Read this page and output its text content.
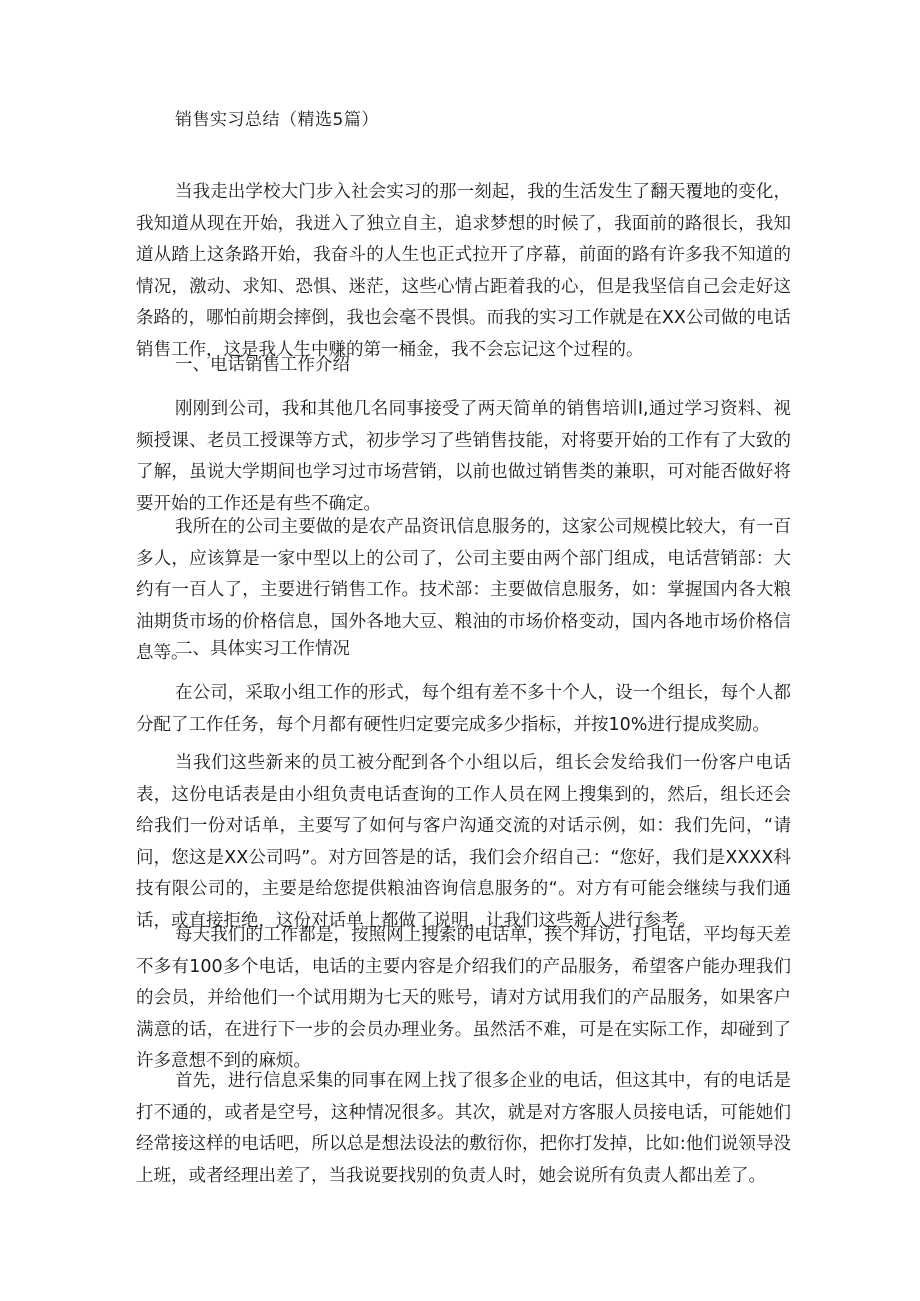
销售实习总结（精选5篇）

当我走出学校大门步入社会实习的那一刻起，我的生活发生了翻天覆地的变化，我知道从现在开始，我迸入了独立自主，追求梦想的时候了，我面前的路很长，我知道从踏上这条路开始，我奋斗的人生也正式拉开了序幕，前面的路有许多我不知道的情况，激动、求知、恐惧、迷茫，这些心情占距着我的心，但是我坚信自己会走好这条路的，哪怕前期会摔倒，我也会毫不畏惧。而我的实习工作就是在XX公司做的电话销售工作，这是我人生中赚的第一桶金，我不会忘记这个过程的。

一、电话销售工作介绍

刚刚到公司，我和其他几名同事接受了两天简单的销售培训I,通过学习资料、视频授课、老员工授课等方式，初步学习了些销售技能，对将要开始的工作有了大致的了解，虽说大学期间也学习过市场营销，以前也做过销售类的兼职，可对能否做好将要开始的工作还是有些不确定。

我所在的公司主要做的是农产品资讯信息服务的，这家公司规模比较大，有一百多人，应该算是一家中型以上的公司了，公司主要由两个部门组成，电话营销部：大约有一百人了，主要进行销售工作。技术部：主要做信息服务，如：掌握国内各大粮油期货市场的价格信息，国外各地大豆、粮油的市场价格变动，国内各地市场价格信息等。

二、具体实习工作情况

在公司，采取小组工作的形式，每个组有差不多十个人，设一个组长，每个人都分配了工作任务，每个月都有硬性归定要完成多少指标，并按10%进行提成奖励。

当我们这些新来的员工被分配到各个小组以后，组长会发给我们一份客户电话表，这份电话表是由小组负责电话查询的工作人员在网上搜集到的，然后，组长还会给我们一份对话单，主要写了如何与客户沟通交流的对话示例，如：我们先问，“请问，您这是XX公司吗”。对方回答是的话，我们会介绍自己：“您好，我们是XXXX科技有限公司的，主要是给您提供粮油咨询信息服务的“。对方有可能会继续与我们通话，或直接拒绝，这份对话单上都做了说明，让我们这些新人进行参考。

每天我们的工作都是，按照网上搜索的电话单，挨个拜访，打电话，平均每天差不多有100多个电话，电话的主要内容是介绍我们的产品服务，希望客户能办理我们的会员，并给他们一个试用期为七天的账号，请对方试用我们的产品服务，如果客户满意的话，在进行下一步的会员办理业务。虽然活不难，可是在实际工作，却碰到了许多意想不到的麻烦。

首先，进行信息采集的同事在网上找了很多企业的电话，但这其中，有的电话是打不通的，或者是空号，这种情况很多。其次，就是对方客服人员接电话，可能她们经常接这样的电话吧，所以总是想法设法的敷衍你，把你打发掉，比如:他们说领导没上班，或者经理出差了，当我说要找别的负责人时，她会说所有负责人都出差了。
